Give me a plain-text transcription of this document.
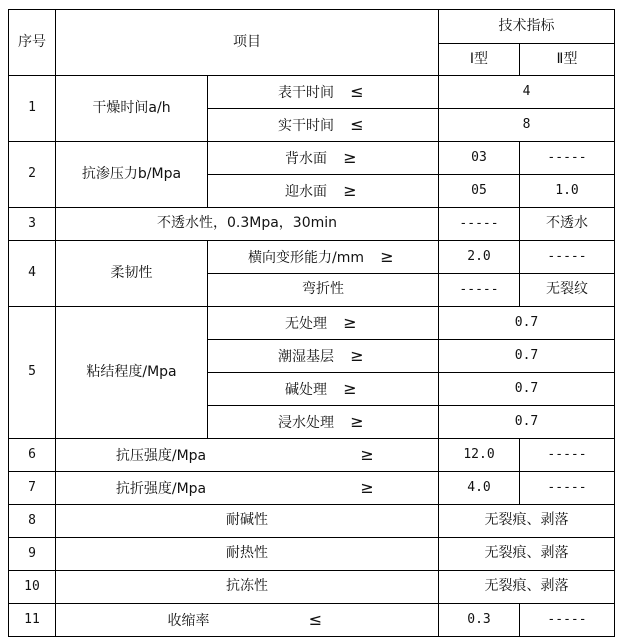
序号	项目		技术指标	
			Ⅰ型	Ⅱ型
1	干燥时间a/h	表干时间 ≤	4	
		实干时间 ≤	8	
2	抗渗压力b/Mpa	背水面 ≥	03	-----
		迎水面 ≥	05	1.0
3	不透水性，0.3Mpa，30min		-----	不透水
4	柔韧性	横向变形能力/mm ≥	2.0	-----
		弯折性	-----	无裂纹
5	粘结程度/Mpa	无处理 ≥	0.7	
		潮湿基层 ≥	0.7	
		碱处理 ≥	0.7	
		浸水处理 ≥	0.7	
6	抗压强度/Mpa ≥		12.0	-----
7	抗折强度/Mpa ≥		4.0	-----
8	耐碱性		无裂痕、剥落	
9	耐热性		无裂痕、剥落	
10	抗冻性		无裂痕、剥落	
11	收缩率 ≤		0.3	-----
